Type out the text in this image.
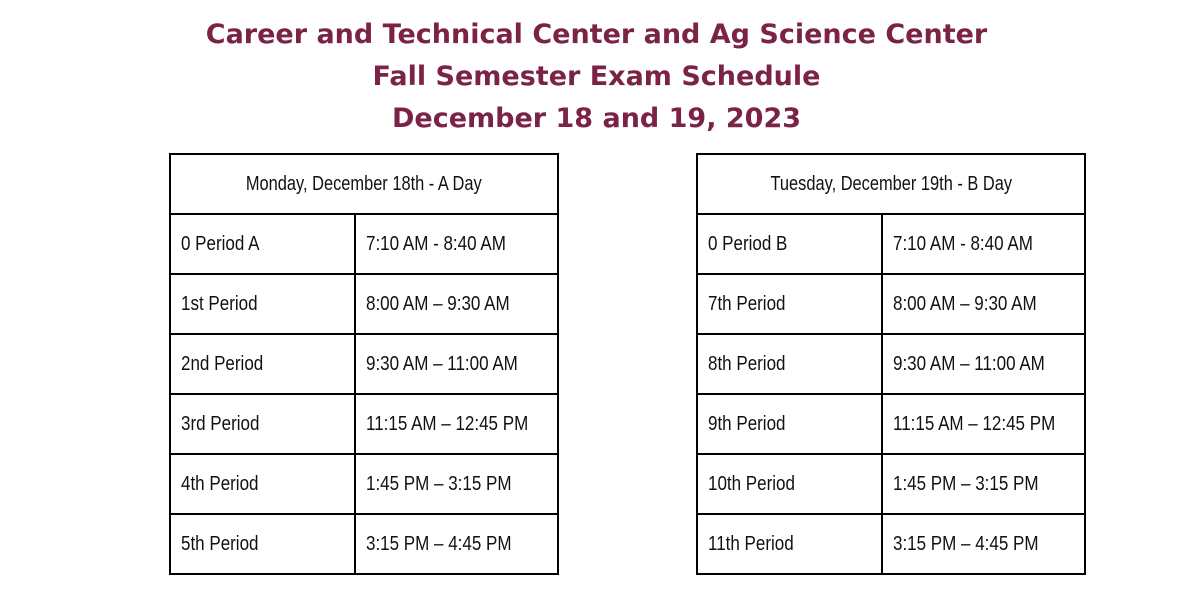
Career and Technical Center and Ag Science Center
Fall Semester Exam Schedule
December 18 and 19, 2023
Monday, December 18th - A Day	
0 Period A	7:10 AM - 8:40 AM
1st Period	8:00 AM – 9:30 AM
2nd Period	9:30 AM – 11:00 AM
3rd Period	11:15 AM – 12:45 PM
4th Period	1:45 PM – 3:15 PM
5th Period	3:15 PM – 4:45 PM
Tuesday, December 19th - B Day	
0 Period B	7:10 AM - 8:40 AM
7th Period	8:00 AM – 9:30 AM
8th Period	9:30 AM – 11:00 AM
9th Period	11:15 AM – 12:45 PM
10th Period	1:45 PM – 3:15 PM
11th Period	3:15 PM – 4:45 PM
